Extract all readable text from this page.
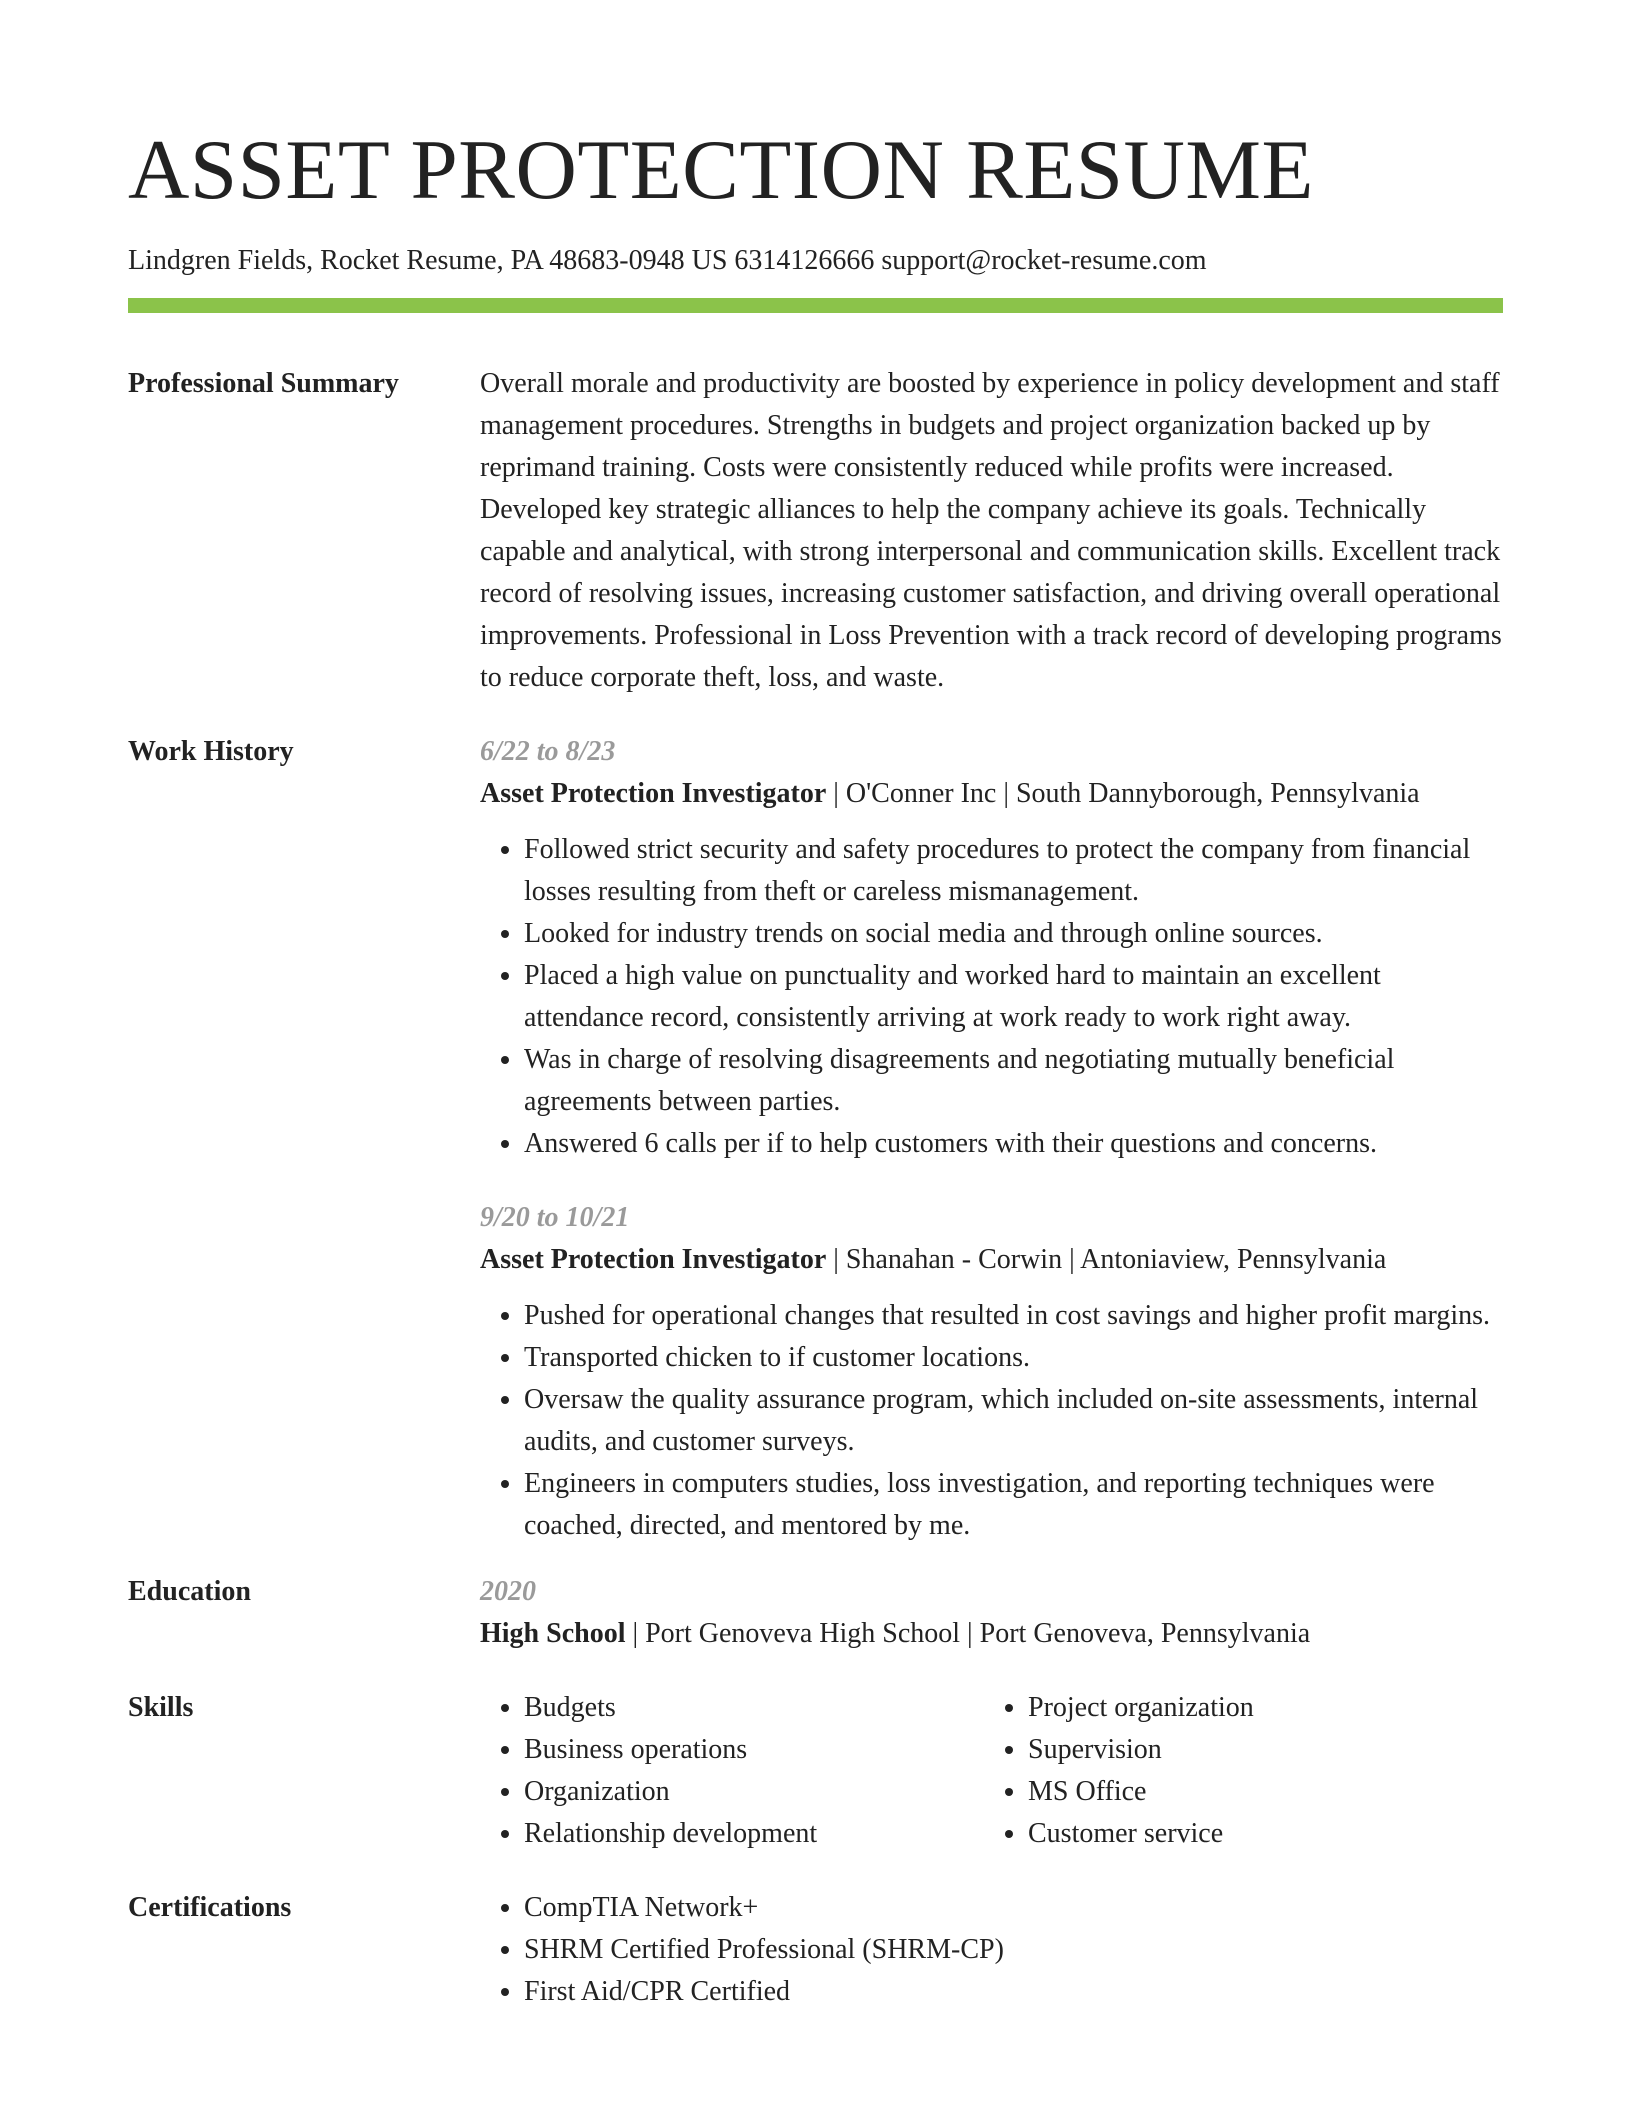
ASSET PROTECTION RESUME
Lindgren Fields, Rocket Resume, PA 48683-0948 US 6314126666 support@rocket-resume.com
Professional Summary	Overall morale and productivity are boosted by experience in policy development and staff management procedures. Strengths in budgets and project organization backed up by reprimand training. Costs were consistently reduced while profits were increased. Developed key strategic alliances to help the company achieve its goals. Technically capable and analytical, with strong interpersonal and communication skills. Excellent track record of resolving issues, increasing customer satisfaction, and driving overall operational improvements. Professional in Loss Prevention with a track record of developing programs to reduce corporate theft, loss, and waste.
Work History	6/22 to 8/23
Asset Protection Investigator | O'Conner Inc | South Dannyborough, Pennsylvania
• Followed strict security and safety procedures to protect the company from financial losses resulting from theft or careless mismanagement.
• Looked for industry trends on social media and through online sources.
• Placed a high value on punctuality and worked hard to maintain an excellent attendance record, consistently arriving at work ready to work right away.
• Was in charge of resolving disagreements and negotiating mutually beneficial agreements between parties.
• Answered 6 calls per if to help customers with their questions and concerns.
9/20 to 10/21
Asset Protection Investigator | Shanahan - Corwin | Antoniaview, Pennsylvania
• Pushed for operational changes that resulted in cost savings and higher profit margins.
• Transported chicken to if customer locations.
• Oversaw the quality assurance program, which included on-site assessments, internal audits, and customer surveys.
• Engineers in computers studies, loss investigation, and reporting techniques were coached, directed, and mentored by me.
Education	2020
High School | Port Genoveva High School | Port Genoveva, Pennsylvania
Skills	• Budgets
• Business operations
• Organization
• Relationship development
• Project organization
• Supervision
• MS Office
• Customer service
Certifications	• CompTIA Network+
• SHRM Certified Professional (SHRM-CP)
• First Aid/CPR Certified
